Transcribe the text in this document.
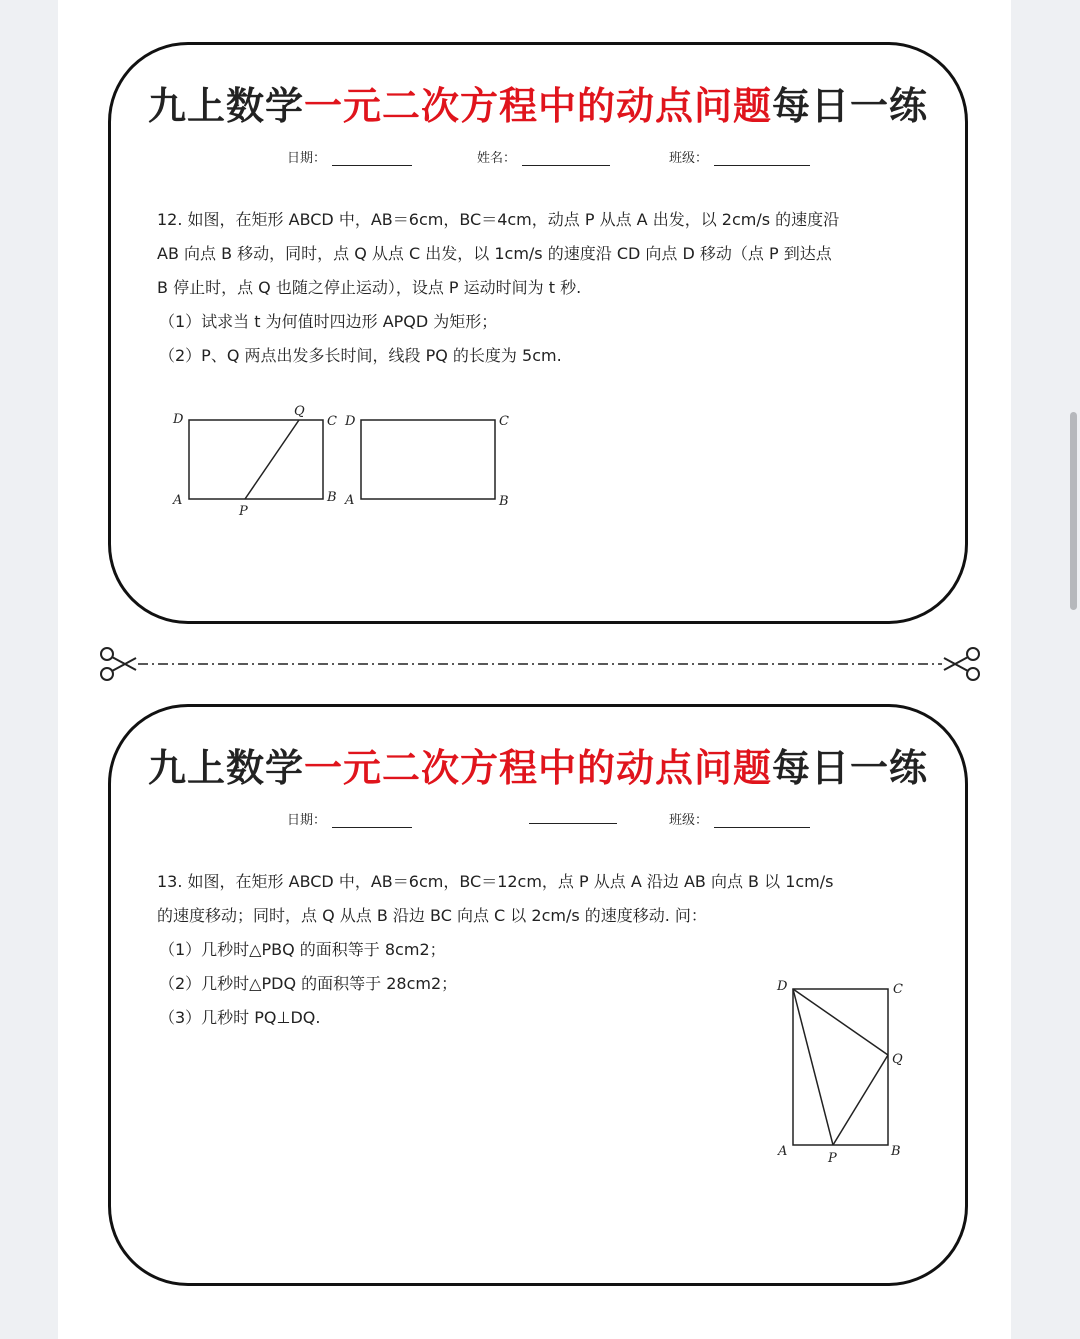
九上数学一元二次方程中的动点问题每日一练
日期：	姓名：	班级：

12. 如图，在矩形 ABCD 中，AB＝6cm，BC＝4cm，动点 P 从点 A 出发，以 2cm/s 的速度沿

AB 向点 B 移动，同时，点 Q 从点 C 出发，以 1cm/s 的速度沿 CD 向点 D 移动（点 P 到达点

B 停止时，点 Q 也随之停止运动），设点 P 运动时间为 t 秒.

（1）试求当 t 为何值时四边形 APQD 为矩形；

（2）P、Q 两点出发多长时间，线段 PQ 的长度为 5cm.

D
Q
C
A
P
B
D	C
A	B
九上数学一元二次方程中的动点问题每日一练
日期：	班级：

13. 如图，在矩形 ABCD 中，AB＝6cm，BC＝12cm，点 P 从点 A 沿边 AB 向点 B 以 1cm/s

的速度移动；同时，点 Q 从点 B 沿边 BC 向点 C 以 2cm/s 的速度移动. 问：

（1）几秒时△PBQ 的面积等于 8cm2；

（2）几秒时△PDQ 的面积等于 28cm2；

（3）几秒时 PQ⊥DQ.

D	C
Q
A	P	B
